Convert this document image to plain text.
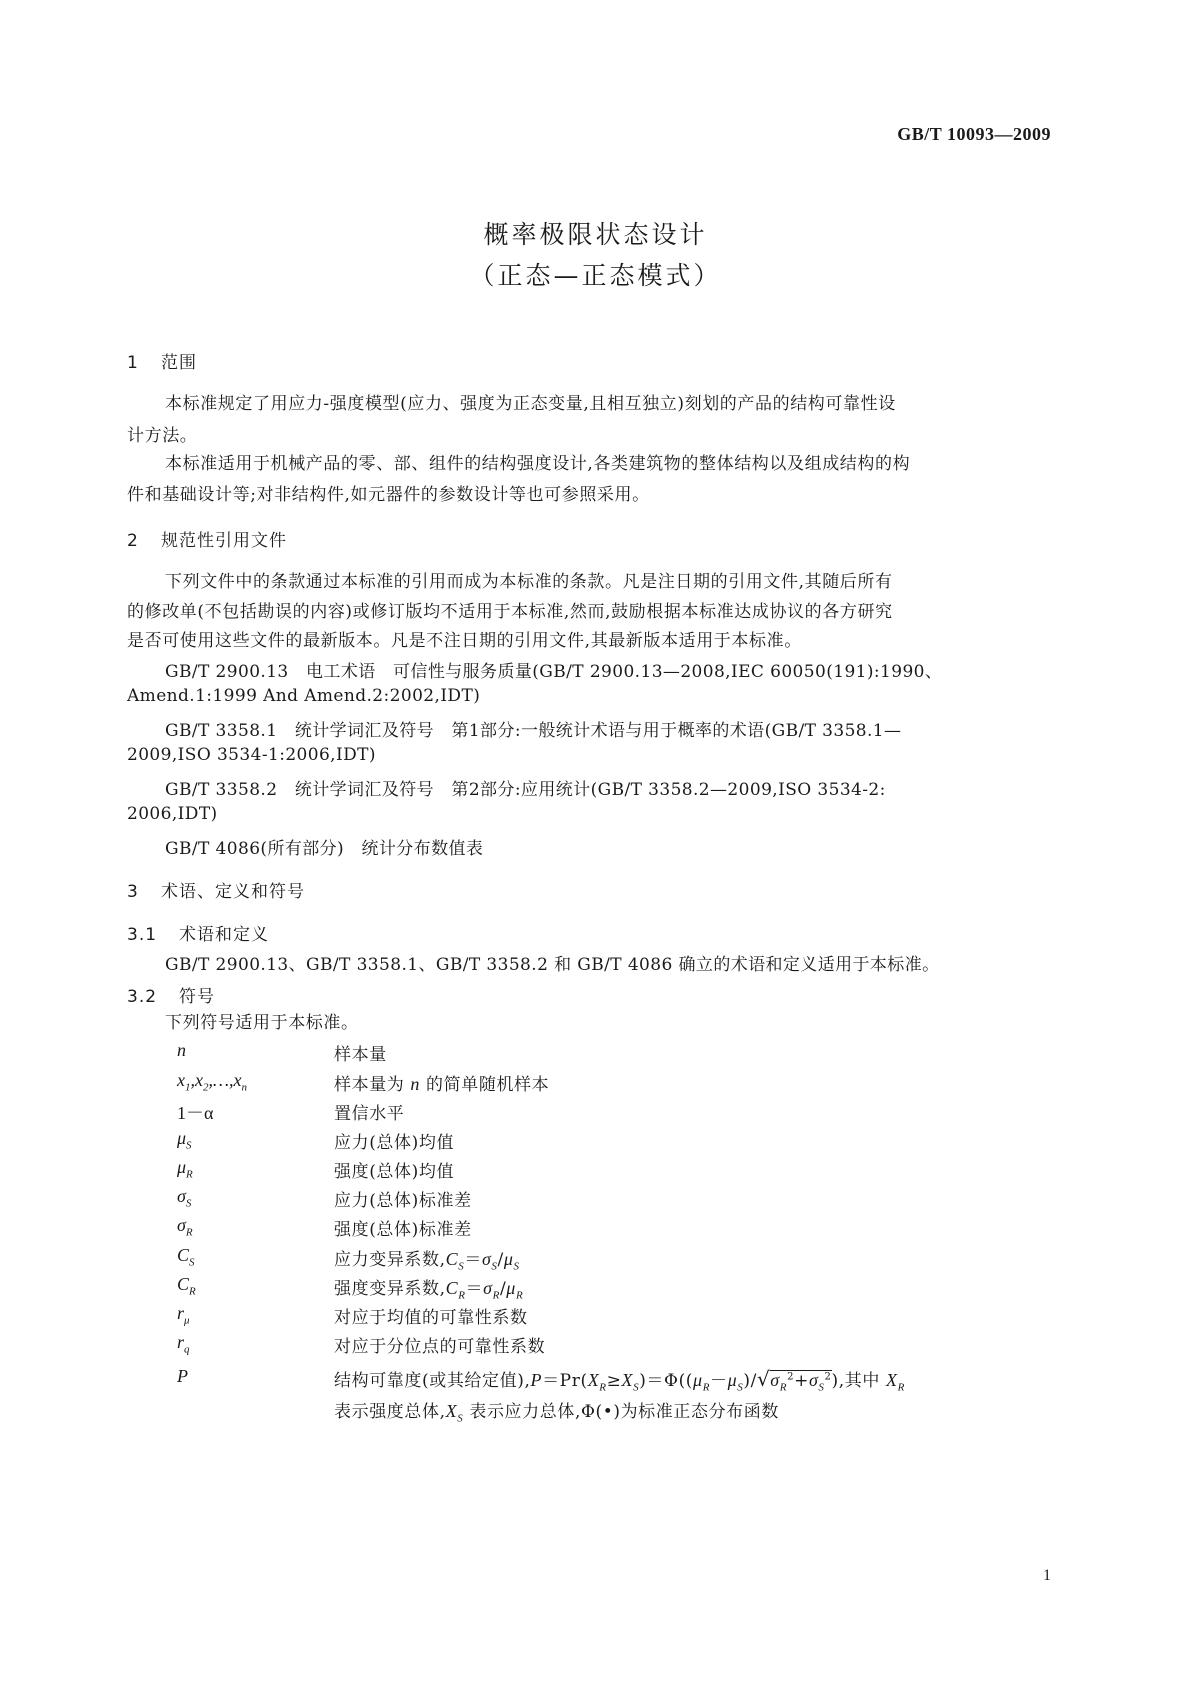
GB/T 10093—2009
概率极限状态设计
（正态—正态模式）
1 范围
本标准规定了用应力-强度模型(应力、强度为正态变量,且相互独立)刻划的产品的结构可靠性设
计方法。
本标准适用于机械产品的零、部、组件的结构强度设计,各类建筑物的整体结构以及组成结构的构
件和基础设计等;对非结构件,如元器件的参数设计等也可参照采用。
2 规范性引用文件
下列文件中的条款通过本标准的引用而成为本标准的条款。凡是注日期的引用文件,其随后所有
的修改单(不包括勘误的内容)或修订版均不适用于本标准,然而,鼓励根据本标准达成协议的各方研究
是否可使用这些文件的最新版本。凡是不注日期的引用文件,其最新版本适用于本标准。
GB/T 2900.13　电工术语　可信性与服务质量(GB/T 2900.13—2008,IEC 60050(191):1990、
Amend.1:1999 And Amend.2:2002,IDT)
GB/T 3358.1　统计学词汇及符号　第1部分:一般统计术语与用于概率的术语(GB/T 3358.1—
2009,ISO 3534-1:2006,IDT)
GB/T 3358.2　统计学词汇及符号　第2部分:应用统计(GB/T 3358.2—2009,ISO 3534-2:
2006,IDT)
GB/T 4086(所有部分)　统计分布数值表
3 术语、定义和符号
3.1 术语和定义
GB/T 2900.13、GB/T 3358.1、GB/T 3358.2 和 GB/T 4086 确立的术语和定义适用于本标准。
3.2 符号
下列符号适用于本标准。
n	样本量
$x_1,x_2,\dots,x_n$	样本量为 n 的简单随机样本
1－α	置信水平
$\mu_S$	应力(总体)均值
$\mu_R$	强度(总体)均值
$\sigma_S$	应力(总体)标准差
$\sigma_R$	强度(总体)标准差
$C_S$	应力变异系数$,C_S=\sigma_S/\mu_S$
$C_R$	强度变异系数$,C_R=\sigma_R/\mu_R$
$r_\mu$	对应于均值的可靠性系数
$r_q$	对应于分位点的可靠性系数
P	结构可靠度(或其给定值)$,P=Pr(X_R\ge X_S)=\Phi((\mu_R-\mu_S)/√\sigma_R^2+\sigma_S^2)$,其中 $X_R$
表示强度总体$,X_S$ 表示应力总体,Φ(•)为标准正态分布函数
1
